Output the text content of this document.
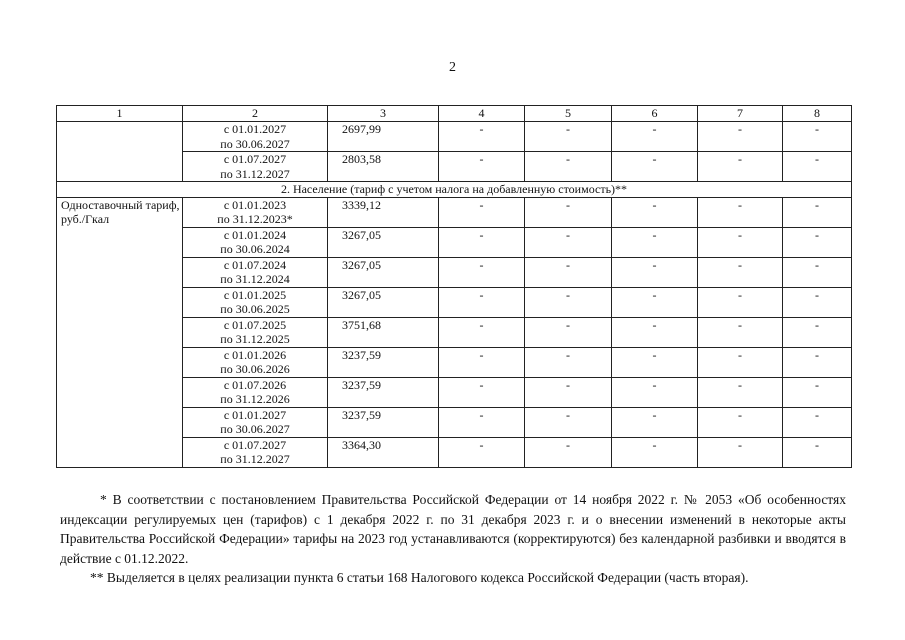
2
1	2	3	4	5	6	7	8
	с 01.01.2027
по 30.06.2027	2697,99	-	-	-	-	-
	с 01.07.2027
по 31.12.2027	2803,58	-	-	-	-	-
2. Население (тариф с учетом налога на добавленную стоимость)**							
Одноставочный тариф, руб./Гкал	с 01.01.2023
по 31.12.2023*	3339,12	-	-	-	-	-
	с 01.01.2024
по 30.06.2024	3267,05	-	-	-	-	-
	с 01.07.2024
по 31.12.2024	3267,05	-	-	-	-	-
	с 01.01.2025
по 30.06.2025	3267,05	-	-	-	-	-
	с 01.07.2025
по 31.12.2025	3751,68	-	-	-	-	-
	с 01.01.2026
по 30.06.2026	3237,59	-	-	-	-	-
	с 01.07.2026
по 31.12.2026	3237,59	-	-	-	-	-
	с 01.01.2027
по 30.06.2027	3237,59	-	-	-	-	-
	с 01.07.2027
по 31.12.2027	3364,30	-	-	-	-	-

* В соответствии с постановлением Правительства Российской Федерации от 14 ноября 2022 г. № 2053 «Об особенностях индексации регулируемых цен (тарифов) с 1 декабря 2022 г. по 31 декабря 2023 г. и о внесении изменений в некоторые акты Правительства Российской Федерации» тарифы на 2023 год устанавливаются (корректируются) без календарной разбивки и вводятся в действие с 01.12.2022.

** Выделяется в целях реализации пункта 6 статьи 168 Налогового кодекса Российской Федерации (часть вторая).
